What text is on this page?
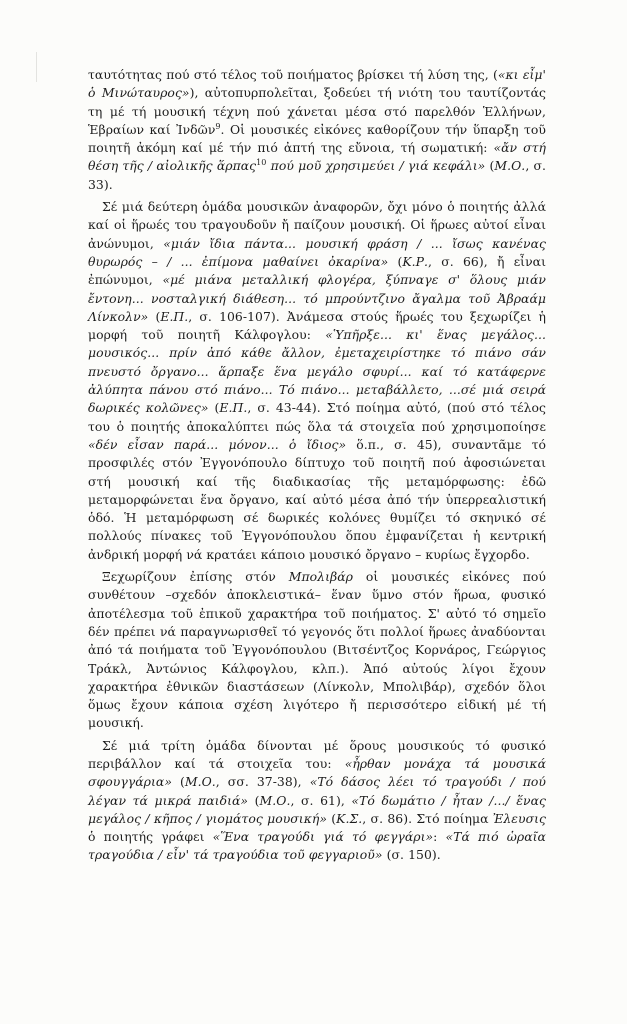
ταυτότητας πού στό τέλος τοῦ ποιήματος βρίσκει τή λύση της, («κι εἶμ' ὁ Μινώταυρος»), αὐτοπυρπολεῖται, ξοδεύει τή νιότη του ταυτίζοντάς τη μέ τή μουσική τέχνη πού χάνεται μέσα στό παρελθόν Ἑλλήνων, Ἑβραίων καί Ἰνδῶν$^9$. Οἱ μουσικές εἰκόνες καθορίζουν τήν ὕπαρξη τοῦ ποιητῆ ἀκόμη καί μέ τήν πιό ἀπτή της εὔνοια, τή σωματική: «ἄν στή θέση τῆς / αἰολικῆς ἅρπας$^{10}$ πού μοῦ χρησιμεύει / γιά κεφάλι» (Μ.Ο., σ. 33).

Σέ μιά δεύτερη ὁμάδα μουσικῶν ἀναφορῶν, ὄχι μόνο ὁ ποιητής ἀλλά καί οἱ ἥρωές του τραγουδοῦν ἤ παίζουν μουσική. Οἱ ἥρωες αὐτοί εἶναι ἀνώνυμοι, «μιάν ἴδια πάντα... μουσική φράση / ... ἴσως κανένας θυρωρός – / ... ἐπίμονα μαθαίνει ὀκαρίνα» (Κ.Ρ., σ. 66), ἤ εἶναι ἐπώνυμοι, «μέ μιάνα μεταλλική φλογέρα, ξύπναγε σ' ὅλους μιάν ἔντονη... νοσταλγική διάθεση... τό μπρούντζινο ἄγαλμα τοῦ Ἀβραάμ Λίνκολν» (Ε.Π., σ. 106-107). Ἀνάμεσα στούς ἥρωές του ξεχωρίζει ἡ μορφή τοῦ ποιητῆ Κάλφογλου: «Ὑπῆρξε... κι' ἕνας μεγάλος... μουσικός... πρίν ἀπό κάθε ἄλλον, ἐμεταχειρίστηκε τό πιάνο σάν πνευστό ὄργανο... ἅρπαξε ἕνα μεγάλο σφυρί... καί τό κατάφερνε ἀλύπητα πάνου στό πιάνο... Τό πιάνο... μεταβάλλετο, ...σέ μιά σειρά δωρικές κολῶνες» (Ε.Π., σ. 43-44). Στό ποίημα αὐτό, (πού στό τέλος του ὁ ποιητής ἀποκαλύπτει πώς ὅλα τά στοιχεῖα πού χρησιμοποίησε «δέν εἶσαν παρά... μόνον... ὁ ἴδιος» ὅ.π., σ. 45), συναντᾶμε τό προσφιλές στόν Ἐγγονόπουλο δίπτυχο τοῦ ποιητῆ πού ἀφοσιώνεται στή μουσική καί τῆς διαδικασίας τῆς μεταμόρφωσης: ἐδῶ μεταμορφώνεται ἕνα ὄργανο, καί αὐτό μέσα ἀπό τήν ὑπερρεαλιστική ὁδό. Ἡ μεταμόρφωση σέ δωρικές κολόνες θυμίζει τό σκηνικό σέ πολλούς πίνακες τοῦ Ἐγγονόπουλου ὅπου ἐμφανίζεται ἡ κεντρική ἀνδρική μορφή νά κρατάει κάποιο μουσικό ὄργανο – κυρίως ἔγχορδο.

Ξεχωρίζουν ἐπίσης στόν Μπολιβάρ οἱ μουσικές εἰκόνες πού συνθέτουν –σχεδόν ἀποκλειστικά– ἕναν ὕμνο στόν ἥρωα, φυσικό ἀποτέλεσμα τοῦ ἐπικοῦ χαρακτήρα τοῦ ποιήματος. Σ' αὐτό τό σημεῖο δέν πρέπει νά παραγνωρισθεῖ τό γεγονός ὅτι πολλοί ἥρωες ἀναδύονται ἀπό τά ποιήματα τοῦ Ἐγγονόπουλου (Βιτσέντζος Κορνάρος, Γεώργιος Τράκλ, Ἀντώνιος Κάλφογλου, κλπ.). Ἀπό αὐτούς λίγοι ἔχουν χαρακτήρα ἐθνικῶν διαστάσεων (Λίνκολν, Μπολιβάρ), σχεδόν ὅλοι ὅμως ἔχουν κάποια σχέση λιγότερο ἤ περισσότερο εἰδική μέ τή μουσική.

Σέ μιά τρίτη ὁμάδα δίνονται μέ ὅρους μουσικούς τό φυσικό περιβάλλον καί τά στοιχεῖα του: «ἦρθαν μονάχα τά μουσικά σφουγγάρια» (Μ.Ο., σσ. 37-38), «Τό δάσος λέει τό τραγούδι / πού λέγαν τά μικρά παιδιά» (Μ.Ο., σ. 61), «Τό δωμάτιο / ἦταν /.../ ἕνας μεγάλος / κῆπος / γιομάτος μουσική» (Κ.Σ., σ. 86). Στό ποίημα Ἐλευσις ὁ ποιητής γράφει «Ἕνα τραγούδι γιά τό φεγγάρι»: «Τά πιό ὡραῖα τραγούδια / εἶν' τά τραγούδια τοῦ φεγγαριοῦ» (σ. 150).
